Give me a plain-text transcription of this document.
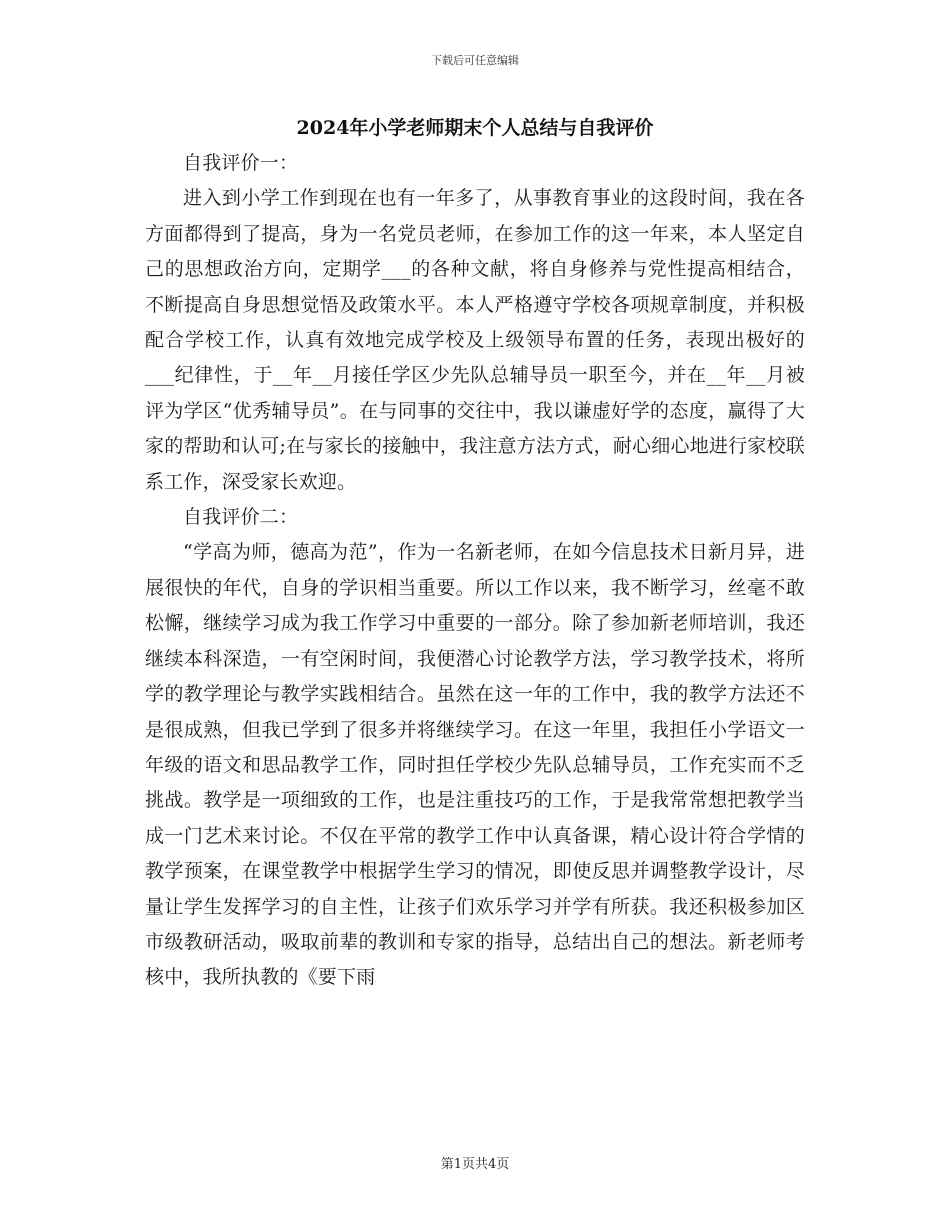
下载后可任意编辑
2024年小学老师期末个人总结与自我评价

自我评价一：

进入到小学工作到现在也有一年多了，从事教育事业的这段时间，我在各方面都得到了提高，身为一名党员老师，在参加工作的这一年来，本人坚定自己的思想政治方向，定期学___的各种文献，将自身修养与党性提高相结合，不断提高自身思想觉悟及政策水平。本人严格遵守学校各项规章制度，并积极配合学校工作，认真有效地完成学校及上级领导布置的任务，表现出极好的___纪律性，于__年__月接任学区少先队总辅导员一职至今，并在__年__月被评为学区“优秀辅导员”。在与同事的交往中，我以谦虚好学的态度，赢得了大家的帮助和认可;在与家长的接触中，我注意方法方式，耐心细心地进行家校联系工作，深受家长欢迎。

自我评价二：

“学高为师，德高为范”，作为一名新老师，在如今信息技术日新月异，进展很快的年代，自身的学识相当重要。所以工作以来，我不断学习，丝毫不敢松懈，继续学习成为我工作学习中重要的一部分。除了参加新老师培训，我还继续本科深造，一有空闲时间，我便潜心讨论教学方法，学习教学技术，将所学的教学理论与教学实践相结合。虽然在这一年的工作中，我的教学方法还不是很成熟，但我已学到了很多并将继续学习。在这一年里，我担任小学语文一年级的语文和思品教学工作，同时担任学校少先队总辅导员，工作充实而不乏挑战。教学是一项细致的工作，也是注重技巧的工作，于是我常常想把教学当成一门艺术来讨论。不仅在平常的教学工作中认真备课，精心设计符合学情的教学预案，在课堂教学中根据学生学习的情况，即使反思并调整教学设计，尽量让学生发挥学习的自主性，让孩子们欢乐学习并学有所获。我还积极参加区市级教研活动，吸取前辈的教训和专家的指导，总结出自己的想法。新老师考核中，我所执教的《要下雨

第1页共4页
